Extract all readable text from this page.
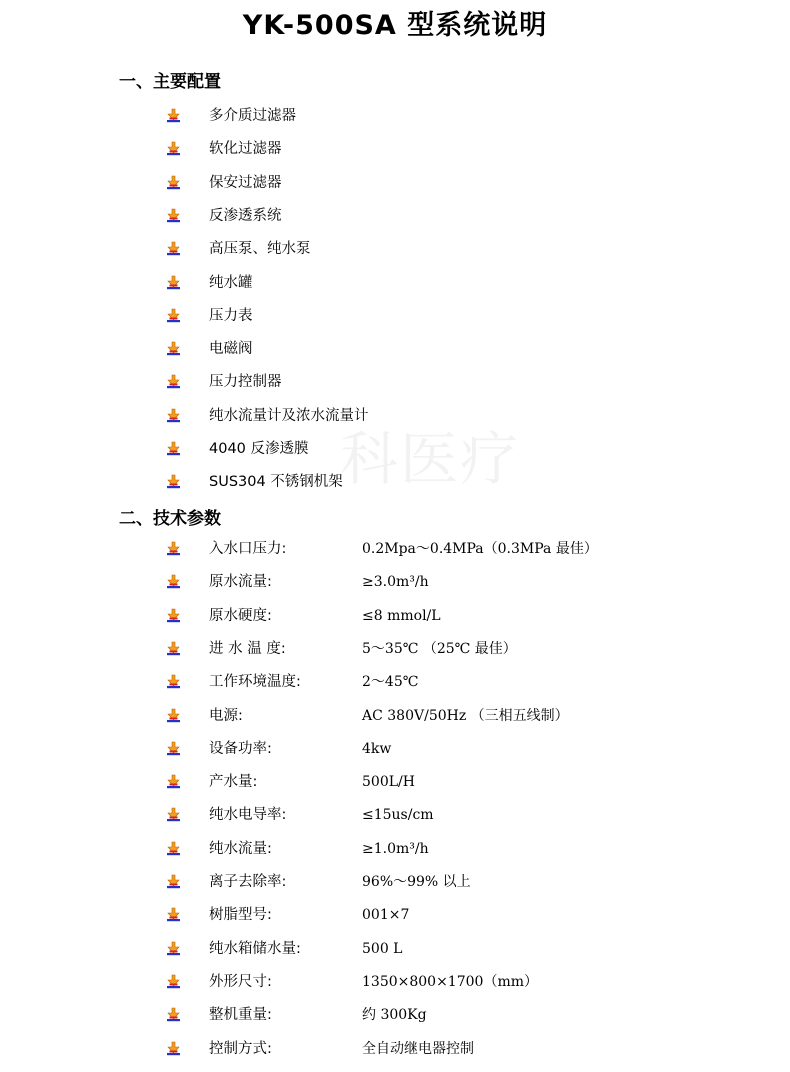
科医疗
YK-500SA 型系统说明
一、主要配置
多介质过滤器
软化过滤器
保安过滤器
反渗透系统
高压泵、纯水泵
纯水罐
压力表
电磁阀
压力控制器
纯水流量计及浓水流量计
4040 反渗透膜
SUS304 不锈钢机架
二、技术参数
入水口压力:	0.2Mpa～0.4MPa（0.3MPa 最佳）
原水流量:	≥3.0m³/h
原水硬度:	≤8 mmol/L
进 水 温 度:	5～35℃ （25℃ 最佳）
工作环境温度:	2～45℃
电源:	AC 380V/50Hz （三相五线制）
设备功率:	4kw
产水量:	500L/H
纯水电导率:	≤15us/cm
纯水流量:	≥1.0m³/h
离子去除率:	96%～99% 以上
树脂型号:	001×7
纯水箱储水量:	500 L
外形尺寸:	1350×800×1700（mm）
整机重量:	约 300Kg
控制方式:	全自动继电器控制
